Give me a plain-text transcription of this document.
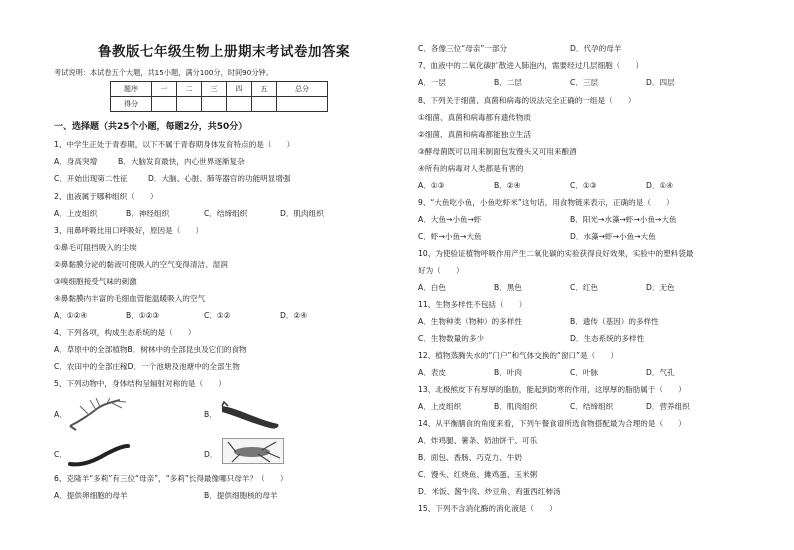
鲁教版七年级生物上册期末考试卷加答案
考试说明：本试卷五个大题，共15小题，满分100分，时间90分钟。
题序	一	二	三	四	五	总分
得分						
一、选择题（共25个小题，每题2分，共50分）
1、中学生正处于青春期，以下不属于青春期身体发育特点的是（　　）
A．身高突增	B．大脑发育最快，内心世界逐渐复杂
C．开始出现第二性征	D．大脑、心脏、肺等器官的功能明显增强
2、血液属于哪种组织（　　）
A．上皮组织	B．神经组织	C．结缔组织	D．肌肉组织
3、用鼻呼吸比用口呼吸好，原因是（　　）
①鼻毛可阻挡吸入的尘埃
②鼻黏膜分泌的黏液可使吸入的空气变得清洁、湿润
③嗅细胞接受气味的刺激
④鼻黏膜内丰富的毛细血管能温暖吸入的空气
A．①②④	B．①②③	C．①②	D．②④
4、下列各项，构成生态系统的是（　　）
A．草原中的全部植物B．树林中的全部昆虫及它们的食物
C．农田中的全部庄稼D．一个池塘及池塘中的全部生物
5、下列动物中，身体结构呈辐射对称的是（　　）
A．	B．
C．	D．
6、克隆羊“多莉”有三位“母亲”，“多莉”长得最像哪只母羊？（　　）
A．提供卵细胞的母羊	B．提供细胞核的母羊
C．各像三位“母亲”一部分	D．代孕的母羊
7、血液中的二氧化碳扩散进入肺泡内，需要经过几层细胞（　　）
A．一层	B．二层	C．三层	D．四层
8、下列关于细菌、真菌和病毒的说法完全正确的一组是（　　）
①细菌、真菌和病毒都有遗传物质
②细菌、真菌和病毒都能独立生活
③酵母菌既可以用来制面包发馒头又可用来酿酒
④所有的病毒对人类都是有害的
A．①③	B．②④	C．①③	D．①④
9、“大鱼吃小鱼，小鱼吃虾米”这句话，用食物链来表示，正确的是（　　）
A．大鱼→小鱼→虾	B．阳光→水藻→虾→小鱼→大鱼
C．虾→小鱼→大鱼	D．水藻→虾→小鱼→大鱼
10、为使验证植物呼吸作用产生二氧化碳的实验获得良好效果，实验中的塑料袋最
好为（　　）
A．白色	B．黑色	C．红色	D．无色
11、生物多样性不包括（　　）
A．生物种类（物种）的多样性	B．遗传（基因）的多样性
C．生物数量的多少	D．生态系统的多样性
12、植物蒸腾失水的“门户”和气体交换的“窗口”是（　　）
A．表皮	B．叶肉	C．叶脉	D．气孔
13、北极熊皮下有厚厚的脂肪，能起到防寒的作用，这厚厚的脂肪属于（　　）
A．上皮组织	B．肌肉组织	C．结缔组织	D．营养组织
14、从平衡膳食的角度来看，下列午餐食谱所选食物搭配最为合理的是（　　）
A．炸鸡腿、薯条、奶油饼干、可乐
B．面包、香肠、巧克力、牛奶
C．馒头、红烧鱼、摊鸡蛋、玉米粥
D．米饭、酱牛肉、炒豆角、鸡蛋西红柿汤
15、下列不含消化酶的消化液是（　　）
